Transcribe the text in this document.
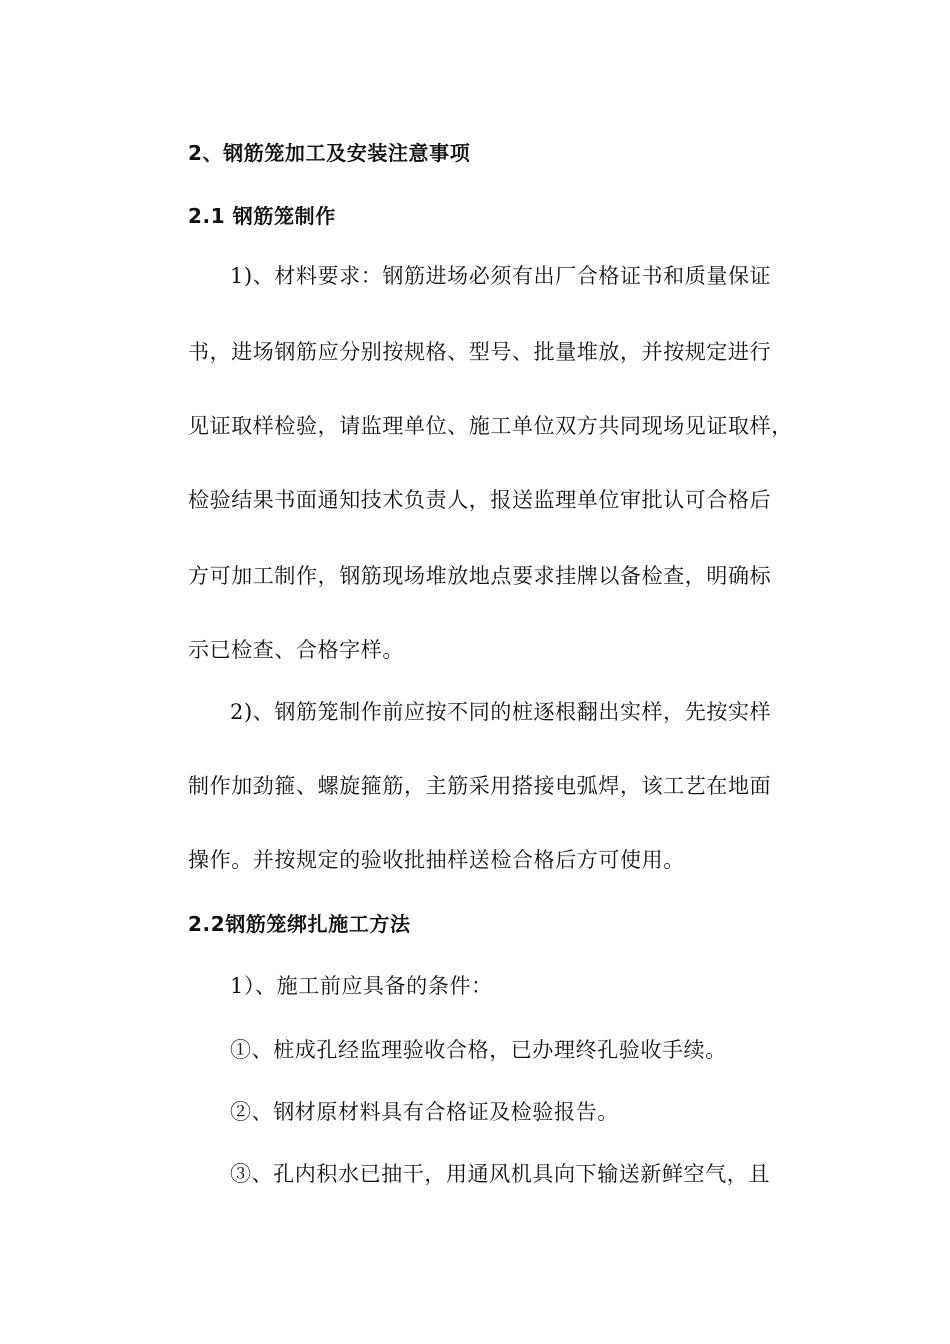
2、钢筋笼加工及安装注意事项
2.1 钢筋笼制作
1)、材料要求：钢筋进场必须有出厂合格证书和质量保证
书，进场钢筋应分别按规格、型号、批量堆放，并按规定进行
见证取样检验，请监理单位、施工单位双方共同现场见证取样，
检验结果书面通知技术负责人，报送监理单位审批认可合格后
方可加工制作，钢筋现场堆放地点要求挂牌以备检查，明确标
示已检查、合格字样。
2)、钢筋笼制作前应按不同的桩逐根翻出实样，先按实样
制作加劲箍、螺旋箍筋，主筋采用搭接电弧焊，该工艺在地面
操作。并按规定的验收批抽样送检合格后方可使用。
2.2钢筋笼绑扎施工方法
1）、施工前应具备的条件：
①、桩成孔经监理验收合格，已办理终孔验收手续。
②、钢材原材料具有合格证及检验报告。
③、孔内积水已抽干，用通风机具向下输送新鲜空气，且
